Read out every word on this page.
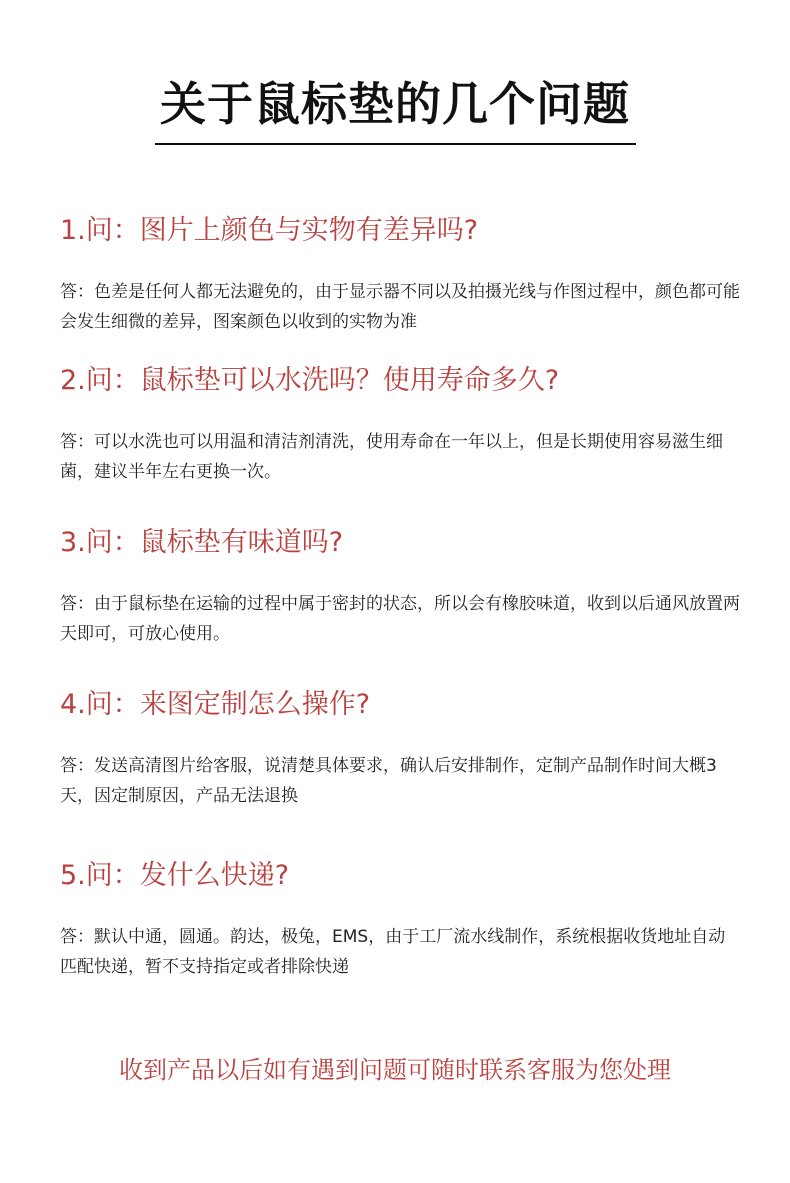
关于鼠标垫的几个问题
1.问：图片上颜色与实物有差异吗?
答：色差是任何人都无法避免的，由于显示器不同以及拍摄光线与作图过程中，颜色都可能会发生细微的差异，图案颜色以收到的实物为准
2.问：鼠标垫可以水洗吗？使用寿命多久?
答：可以水洗也可以用温和清洁剂清洗，使用寿命在一年以上，但是长期使用容易滋生细菌，建议半年左右更换一次。
3.问：鼠标垫有味道吗?
答：由于鼠标垫在运输的过程中属于密封的状态，所以会有橡胶味道，收到以后通风放置两天即可，可放心使用。
4.问：来图定制怎么操作?
答：发送高清图片给客服，说清楚具体要求，确认后安排制作，定制产品制作时间大概3天，因定制原因，产品无法退换
5.问：发什么快递?
答：默认中通，圆通。韵达，极兔，EMS，由于工厂流水线制作，系统根据收货地址自动匹配快递，暂不支持指定或者排除快递
收到产品以后如有遇到问题可随时联系客服为您处理
